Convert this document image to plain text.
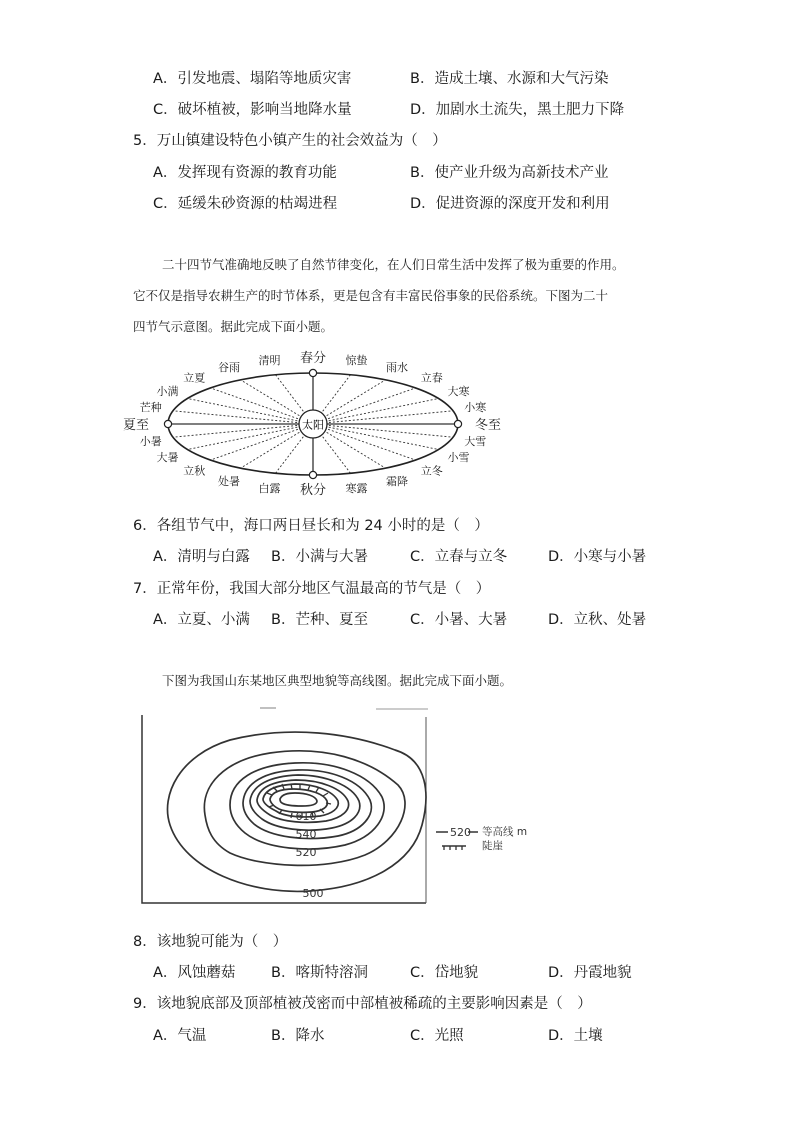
A．引发地震、塌陷等地质灾害	B．造成土壤、水源和大气污染
C．破坏植被，影响当地降水量	D．加剧水土流失，黑土肥力下降
5．万山镇建设特色小镇产生的社会效益为（　）
A．发挥现有资源的教育功能	B．使产业升级为高新技术产业
C．延缓朱砂资源的枯竭进程	D．促进资源的深度开发和利用
二十四节气准确地反映了自然节律变化，在人们日常生活中发挥了极为重要的作用。
它不仅是指导农耕生产的时节体系，更是包含有丰富民俗事象的民俗系统。下图为二十
四节气示意图。据此完成下面小题。
太阳
夏至
芒种
小满
立夏
谷雨
清明 春分 惊蛰
雨水
立春
大寒
小寒
冬至
大雪
小雪
立冬
霜降
寒露
秋分
白露
处暑
立秋
大暑
小暑
6．各组节气中，海口两日昼长和为 24 小时的是（　）
A．清明与白露 B．小满与大暑	C．立春与立冬	D．小寒与小暑
7．正常年份，我国大部分地区气温最高的节气是（　）
A．立夏、小满 B．芒种、夏至	C．小暑、大暑	D．立秋、处暑
下图为我国山东某地区典型地貌等高线图。据此完成下面小题。
610
540
520
500
520 等高线 m
陡崖
8．该地貌可能为（　）
A．风蚀蘑菇 B．喀斯特溶洞	C．岱地貌	D．丹霞地貌
9．该地貌底部及顶部植被茂密而中部植被稀疏的主要影响因素是（　）
A．气温	B．降水	C．光照	D．土壤
